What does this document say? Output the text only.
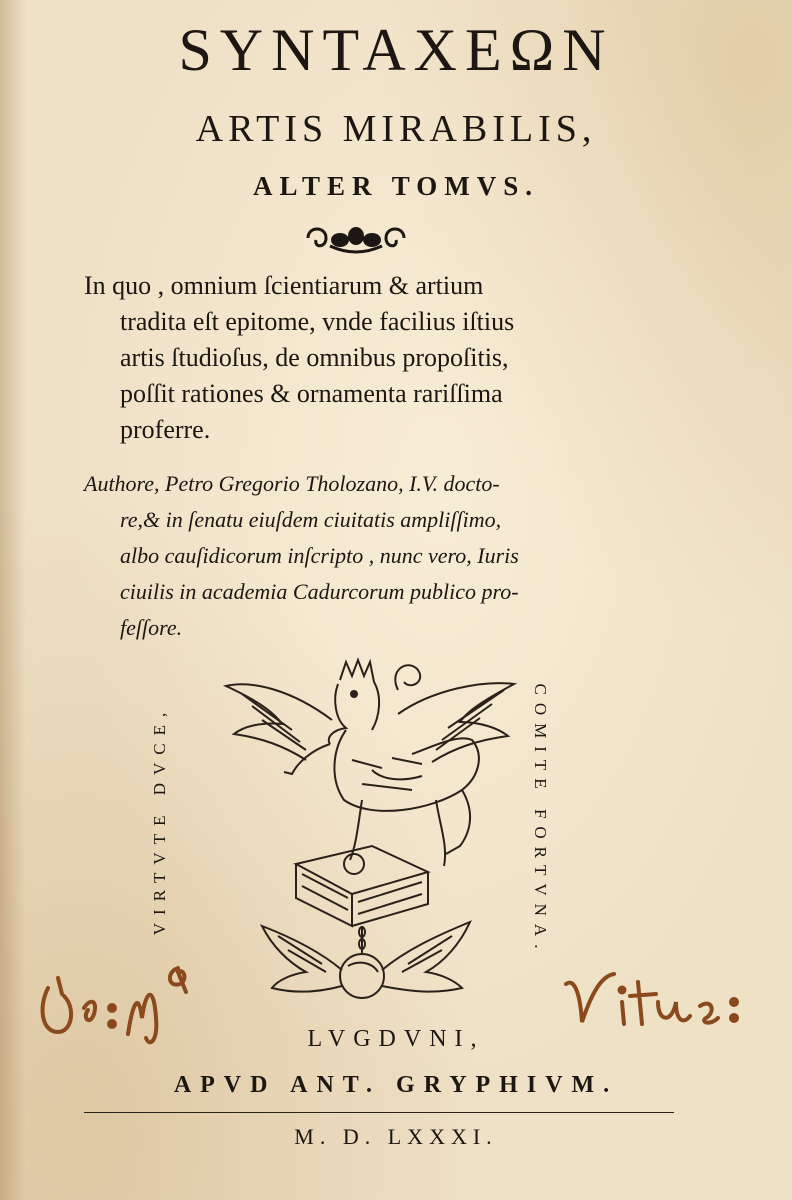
SYNTAXEΩN
ARTIS MIRABILIS,
ALTER TOMVS.
In quo , omnium ſcientiarum & artium
tradita eſt epitome, vnde facilius iſtius
artis ſtudioſus, de omnibus propoſitis,
poſſit rationes & ornamenta rariſſima
proferre.
Authore, Petro Gregorio Tholozano, I.V. docto-
re,& in ſenatu eiuſdem ciuitatis ampliſſimo,
albo cauſidicorum inſcripto , nunc vero, Iuris
ciuilis in academia Cadurcorum publico pro-
feſſore.
VIRTVTE DVCE,	COMITE FORTVNA.
LVGDVNI,
APVD ANT. GRYPHIVM.
M. D. LXXXI.
